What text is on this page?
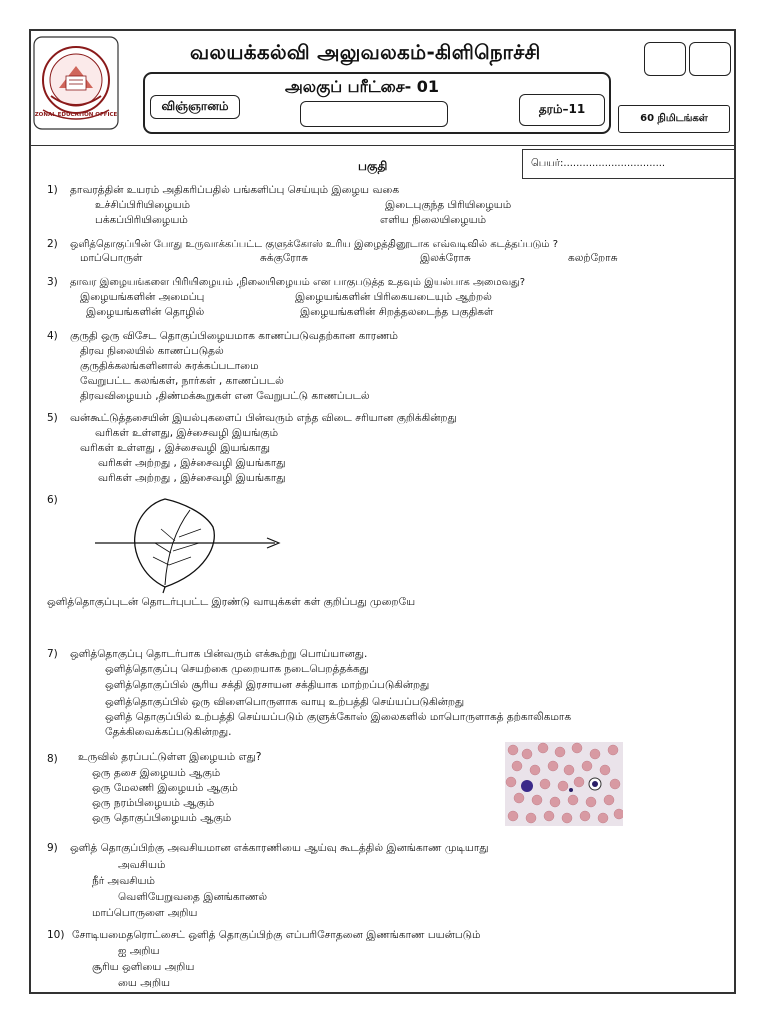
ZONAL EDUCATION OFFICE
வலயக்கல்வி அலுவலகம்-கிளிநொச்சி
அலகுப் பரீட்சை- 01
விஞ்ஞானம்	தரம்–11
60 நிமிடங்கள்
பகுதி	பெயர்:................................
1) தாவரத்தின் உயரம் அதிகரிப்பதில் பங்களிப்பு செய்யும் இழைய வகை
உச்சிப்பிரியிழையம்	இடைபுகுந்த பிரியிழையம்
பக்கப்பிரியிழையம்	எளிய நிலையிழையம்
2) ஒளித்தொகுப்பின் போது உருவாக்கப்பட்ட குளுக்கோஸ் உரிய இழைத்தினூடாக எவ்வடிவில் கடத்தப்படும் ?
மாப்பொருள்	சுக்குரோசு	இலக்ரோசு	கலற்றோசு
3) தாவர இழையங்களை பிரியிழையம் ,நிலையிழையம் என பாகுபடுத்த உதவும் இயல்பாக அமைவது?
இழையங்களின் அமைப்பு	இழையங்களின் பிரிகையடையும் ஆற்றல்
இழையங்களின் தொழில்	இழையங்களின் சிறத்தலடைந்த பகுதிகள்
4) குருதி ஒரு விசேட தொகுப்பிழையமாக காணப்படுவதற்கான காரணம்
திரவ நிலையில் காணப்படுதல்
குருதிக்கலங்களினால் சுரக்கப்படாமை
வேறுபட்ட கலங்கள், நார்கள் , காணப்படல்
திரவவிழையம் ,திண்மக்கூறுகள் என வேறுபட்டு காணப்படல்
5) வன்கூட்டுத்தசையின் இயல்புகளைப் பின்வரும் எந்த விடை சரியான குறிக்கின்றது
வரிகள் உள்ளது, இச்சைவழி இயங்கும்
வரிகள் உள்ளது , இச்சைவழி இயங்காது
வரிகள் அற்றது , இச்சைவழி இயங்காது
வரிகள் அற்றது , இச்சைவழி இயங்காது
6)
ஒளித்தொகுப்புடன் தொடர்புபட்ட இரண்டு வாயுக்கள் கள் குறிப்பது முறையே
7) ஒளித்தொகுப்பு தொடர்பாக பின்வரும் எக்கூற்று பொய்யானது.
ஒளித்தொகுப்பு செயற்கை முறையாக நடைபெறத்தக்கது
ஒளித்தொகுப்பில் சூரிய சக்தி இரசாயன சக்தியாக மாற்றப்படுகின்றது
ஒளித்தொகுப்பில் ஒரு விளைபொருளாக வாயு உற்பத்தி செய்யப்படுகின்றது
ஒளித் தொகுப்பில் உற்பத்தி செய்யப்படும் குளுக்கோஸ் இலைகளில் மாபொருளாகத் தற்காலிகமாக
தேக்கிவைக்கப்படுகின்றது.
8) உருவில் தரப்பட்டுள்ள இழையம் எது?
ஒரு தசை இழையம் ஆகும்
ஒரு மேலணி இழையம் ஆகும்
ஒரு நரம்பிழையம் ஆகும்
ஒரு தொகுப்பிழையம் ஆகும்
9) ஒளித் தொகுப்பிற்கு அவசியமான எக்காரணியை ஆய்வு கூடத்தில் இனங்காண முடியாது
அவசியம்
நீர் அவசியம்
வெளியேறுவதை இனங்காணல்
மாப்பொருளை அறிய
10) சோடியமைதரொட்சைட் ஒளித் தொகுப்பிற்கு எப்பரிசோதனை இணங்காண பயன்படும்
ஐ அறிய
சூரிய ஒளியை அறிய
யை அறிய
